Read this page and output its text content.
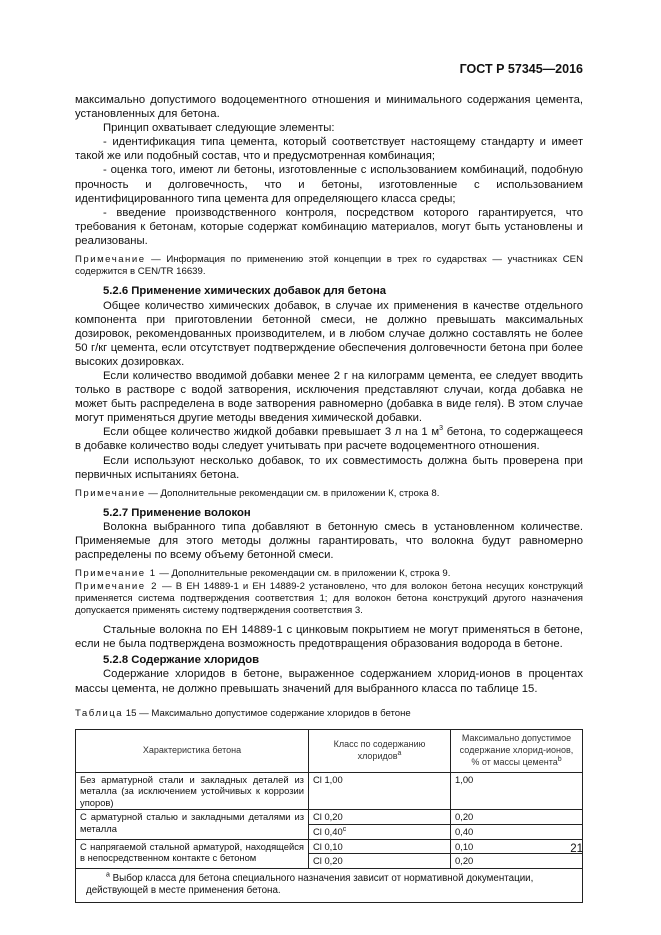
ГОСТ Р 57345—2016

максимально допустимого водоцементного отношения и минимального содержания цемента, установленных для бетона.

Принцип охватывает следующие элементы:

- идентификация типа цемента, который соответствует настоящему стандарту и имеет такой же или подобный состав, что и предусмотренная комбинация;

- оценка того, имеют ли бетоны, изготовленные с использованием комбинаций, подобную прочность и долговечность, что и бетоны, изготовленные с использованием идентифицированного типа цемента для определяющего класса среды;

- введение производственного контроля, посредством которого гарантируется, что требования к бетонам, которые содержат комбинацию материалов, могут быть установлены и реализованы.

Примечание — Информация по применению этой концепции в трех го сударствах — участниках CEN содержится в CEN/TR 16639.

5.2.6 Применение химических добавок для бетона

Общее количество химических добавок, в случае их применения в качестве отдельного компонента при приготовлении бетонной смеси, не должно превышать максимальных дозировок, рекомендованных производителем, и в любом случае должно составлять не более 50 г/кг цемента, если отсутствует подтверждение обеспечения долговечности бетона при более высоких дозировках.

Если количество вводимой добавки менее 2 г на килограмм цемента, ее следует вводить только в растворе с водой затворения, исключения представляют случаи, когда добавка не может быть распределена в воде затворения равномерно (добавка в виде геля). В этом случае могут применяться другие методы введения химической добавки.

Если общее количество жидкой добавки превышает 3 л на 1 $м^3$ бетона, то содержащееся в добавке количество воды следует учитывать при расчете водоцементного отношения.

Если используют несколько добавок, то их совместимость должна быть проверена при первичных испытаниях бетона.

Примечание — Дополнительные рекомендации см. в приложении К, строка 8.

5.2.7 Применение волокон

Волокна выбранного типа добавляют в бетонную смесь в установленном количестве. Применяемые для этого методы должны гарантировать, что волокна будут равномерно распределены по всему объему бетонной смеси.

Примечание 1 — Дополнительные рекомендации см. в приложении К, строка 9.

Примечание 2 — В ЕН 14889-1 и ЕН 14889-2 установлено, что для волокон бетона несущих конструкций применяется система подтверждения соответствия 1; для волокон бетона конструкций другого назначения допускается применять систему подтверждения соответствия 3.

Стальные волокна по ЕН 14889-1 с цинковым покрытием не могут применяться в бетоне, если не была подтверждена возможность предотвращения образования водорода в бетоне.

5.2.8 Содержание хлоридов

Содержание хлоридов в бетоне, выраженное содержанием хлорид-ионов в процентах массы цемента, не должно превышать значений для выбранного класса по таблице 15.

Таблица 15 — Максимально допустимое содержание хлоридов в бетоне

Характеристика бетона	Класс по содержанию хлоридов$^a$	Максимально допустимое содержание хлорид-ионов, % от массы цемента$^b$
Без арматурной стали и закладных деталей из металла (за исключением устойчивых к коррозии упоров)	Cl 1,00	1,00
С арматурной сталью и закладными деталями из металла	Cl 0,20	0,20
	Cl 0,40$^c$	0,40
С напрягаемой стальной арматурой, находящейся в непосредственном контакте с бетоном	Cl 0,10	0,10
	Cl 0,20	0,20
$^a$ Выбор класса для бетона специального назначения зависит от нормативной документации, действующей в месте применения бетона.		
21
